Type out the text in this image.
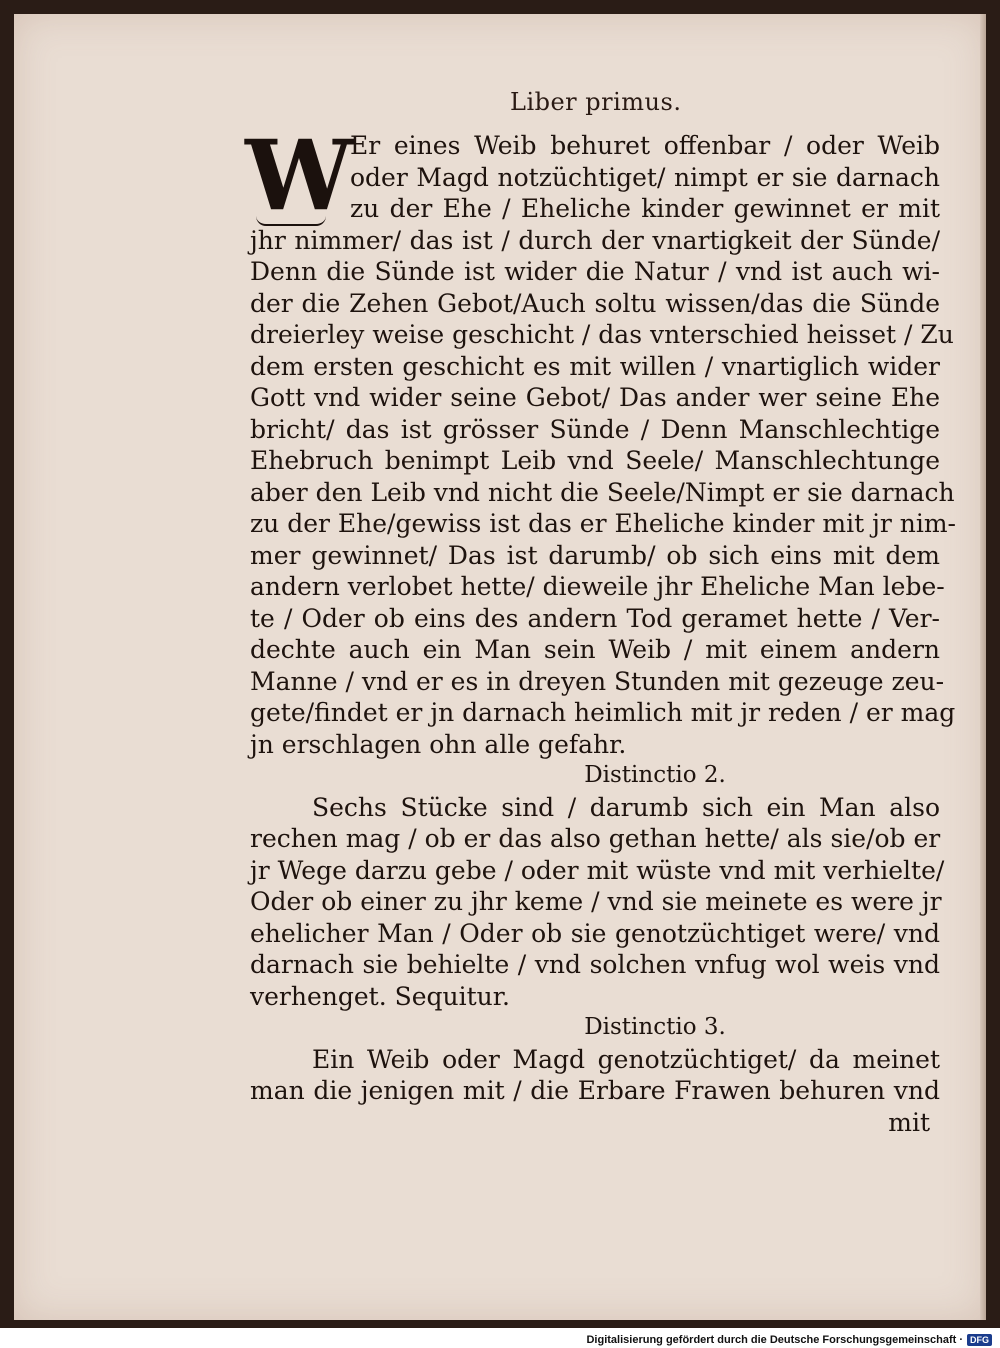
Liber primus.
W
Er eines Weib behuret offenbar / oder Weib
oder Magd notzüchtiget/ nimpt er sie darnach
zu der Ehe / Eheliche kinder gewinnet er mit
jhr nimmer/ das ist / durch der vnartigkeit der Sünde/
Denn die Sünde ist wider die Natur / vnd ist auch wi-
der die Zehen Gebot/Auch soltu wissen/das die Sünde
dreierley weise geschicht / das vnterschied heisset / Zu
dem ersten geschicht es mit willen / vnartiglich wider
Gott vnd wider seine Gebot/ Das ander wer seine Ehe
bricht/ das ist grösser Sünde / Denn Manschlechtige
Ehebruch benimpt Leib vnd Seele/ Manschlechtunge
aber den Leib vnd nicht die Seele/Nimpt er sie darnach
zu der Ehe/gewiss ist das er Eheliche kinder mit jr nim-
mer gewinnet/ Das ist darumb/ ob sich eins mit dem
andern verlobet hette/ dieweile jhr Eheliche Man lebe-
te / Oder ob eins des andern Tod geramet hette / Ver-
dechte auch ein Man sein Weib / mit einem andern
Manne / vnd er es in dreyen Stunden mit gezeuge zeu-
gete/findet er jn darnach heimlich mit jr reden / er mag
jn erschlagen ohn alle gefahr.
Distinctio 2.
Sechs Stücke sind / darumb sich ein Man also
rechen mag / ob er das also gethan hette/ als sie/ob er
jr Wege darzu gebe / oder mit wüste vnd mit verhielte/
Oder ob einer zu jhr keme / vnd sie meinete es were jr
ehelicher Man / Oder ob sie genotzüchtiget were/ vnd
darnach sie behielte / vnd solchen vnfug wol weis vnd
verhenget. Sequitur.
Distinctio 3.
Ein Weib oder Magd genotzüchtiget/ da meinet
man die jenigen mit / die Erbare Frawen behuren vnd
mit
Digitalisierung gefördert durch die Deutsche Forschungsgemeinschaft · DFG
